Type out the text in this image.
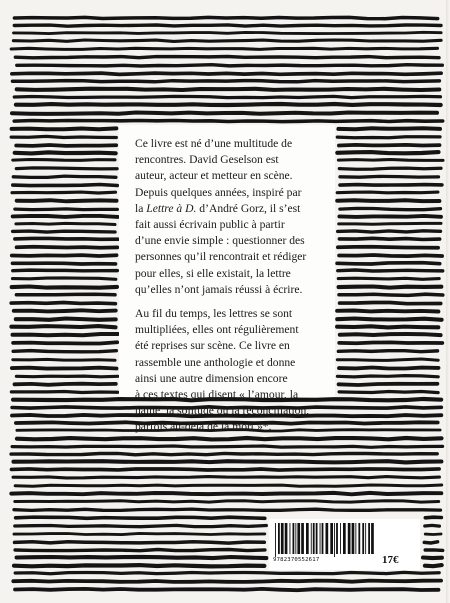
Ce livre est né d’une multitude de
rencontres. David Geselson est
auteur, acteur et metteur en scène.
Depuis quelques années, inspiré par
la Lettre à D. d’André Gorz, il s’est
fait aussi écrivain public à partir
d’une envie simple : questionner des
personnes qu’il rencontrait et rédiger
pour elles, si elle existait, la lettre
qu’elles n’ont jamais réussi à écrire.

Au fil du temps, les lettres se sont
multipliées, elles ont régulièrement
été reprises sur scène. Ce livre en
rassemble une anthologie et donne
ainsi une autre dimension encore
à ces textes qui disent « l’amour, la
haine, la solitude ou la réconciliation,
parfois au-delà de la mort »*.

9782370552617	17€
